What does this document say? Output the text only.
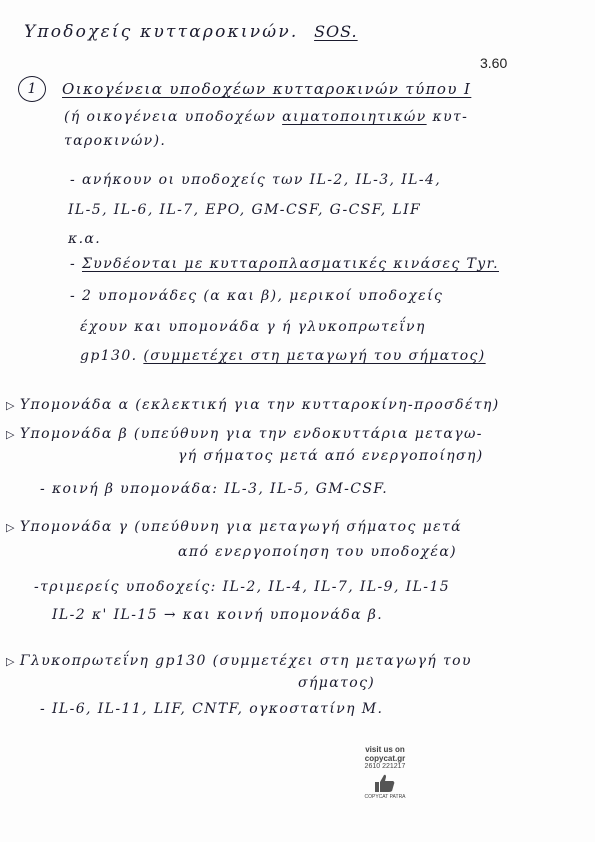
Υποδοχείς κυτταροκινών. SOS.
3.60
1	Οικογένεια υποδοχέων κυτταροκινών τύπου Ι
(ή οικογένεια υποδοχέων αιματοποιητικών κυτ-
ταροκινών).
- ανήκουν οι υποδοχείς των IL-2, IL-3, IL-4,
IL-5, IL-6, IL-7, EPO, GM-CSF, G-CSF, LIF
κ.α.
- Συνδέονται με κυτταροπλασματικές κινάσες Tyr.
- 2 υπομονάδες (α και β), μερικοί υποδοχείς
έχουν και υπομονάδα γ ή γλυκοπρωτεΐνη
gp130. (συμμετέχει στη μεταγωγή του σήματος)
▷ Υπομονάδα α (εκλεκτική για την κυτταροκίνη-προσδέτη)
▷ Υπομονάδα β (υπεύθυνη για την ενδοκυττάρια μεταγω-
γή σήματος μετά από ενεργοποίηση)
- κοινή β υπομονάδα: IL-3, IL-5, GM-CSF.
▷ Υπομονάδα γ (υπεύθυνη για μεταγωγή σήματος μετά
από ενεργοποίηση του υποδοχέα)
-τριμερείς υποδοχείς: IL-2, IL-4, IL-7, IL-9, IL-15
IL-2 κ' IL-15 → και κοινή υπομονάδα β.
▷ Γλυκοπρωτεΐνη gp130 (συμμετέχει στη μεταγωγή του
σήματος)
- IL-6, IL-11, LIF, CNTF, ογκοστατίνη Μ.
visit us on
copycat.gr
2610 221217
COPYCAT PATRA
